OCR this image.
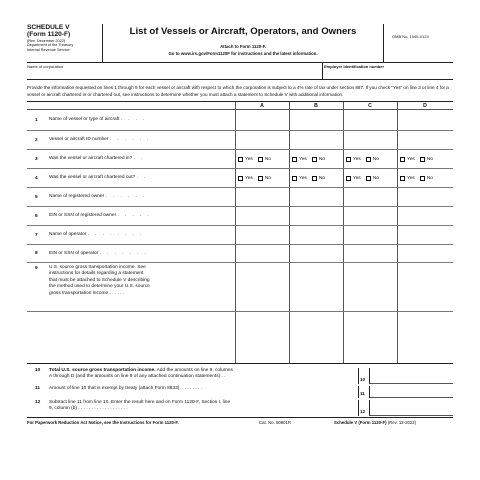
SCHEDULE V
(Form 1120-F)
(Rev. December 2022)
Department of the Treasury
Internal Revenue Service
List of Vessels or Aircraft, Operators, and Owners
Attach to Form 1120-F.
Go to www.irs.gov/Form1120F for instructions and the latest information.
OMB No. 1545-0123
Name of corporation	Employer identification number
Provide the information requested on lines 1 through 9 for each vessel or aircraft with respect to which the corporation is subject to a 4% rate of tax under section 887. If you check "Yes" on line 3 or line 4 for a vessel or aircraft chartered in or chartered out, see instructions to determine whether you must attach a statement to Schedule V with additional information.
A	B	C	D
1 Name of vessel or type of aircraft . . . .
2 Vessel or aircraft ID number . . . . . .
3 Was the vessel or aircraft chartered in? . .	Yes	No	Yes	No	Yes	No	Yes	No
4 Was the vessel or aircraft chartered out? . .	Yes	No	Yes	No	Yes	No	Yes	No
5 Name of registered owner . . . . . .
6 EIN or SSN of registered owner . . . . .
7 Name of operator . . . . . . . .
8 EIN or SSN of operator . . . . . . .
9 U.S. source gross transportation income. See
instructions for details regarding a statement
that must be attached to Schedule V describing
the method used to determine your U.S. source
gross transportation income . . . . . .
10 Total U.S. source gross transportation income. Add the amounts on line 9, columns
A through D (and the amounts on line 9 of any attached continuation statements) . .
10
11 Amount of line 10 that is exempt by treaty (attach Form 8833). . . . . . . . .
11
12 Subtract line 11 from line 10. Enter the result here and on Form 1120-F, Section I, line
9, column (b) . . . . . . . . . . . . . . . . . . .
12
For Paperwork Reduction Act Notice, see the Instructions for Form 1120-F.	Cat. No. 50801R	Schedule V (Form 1120-F) (Rev. 12-2022)
